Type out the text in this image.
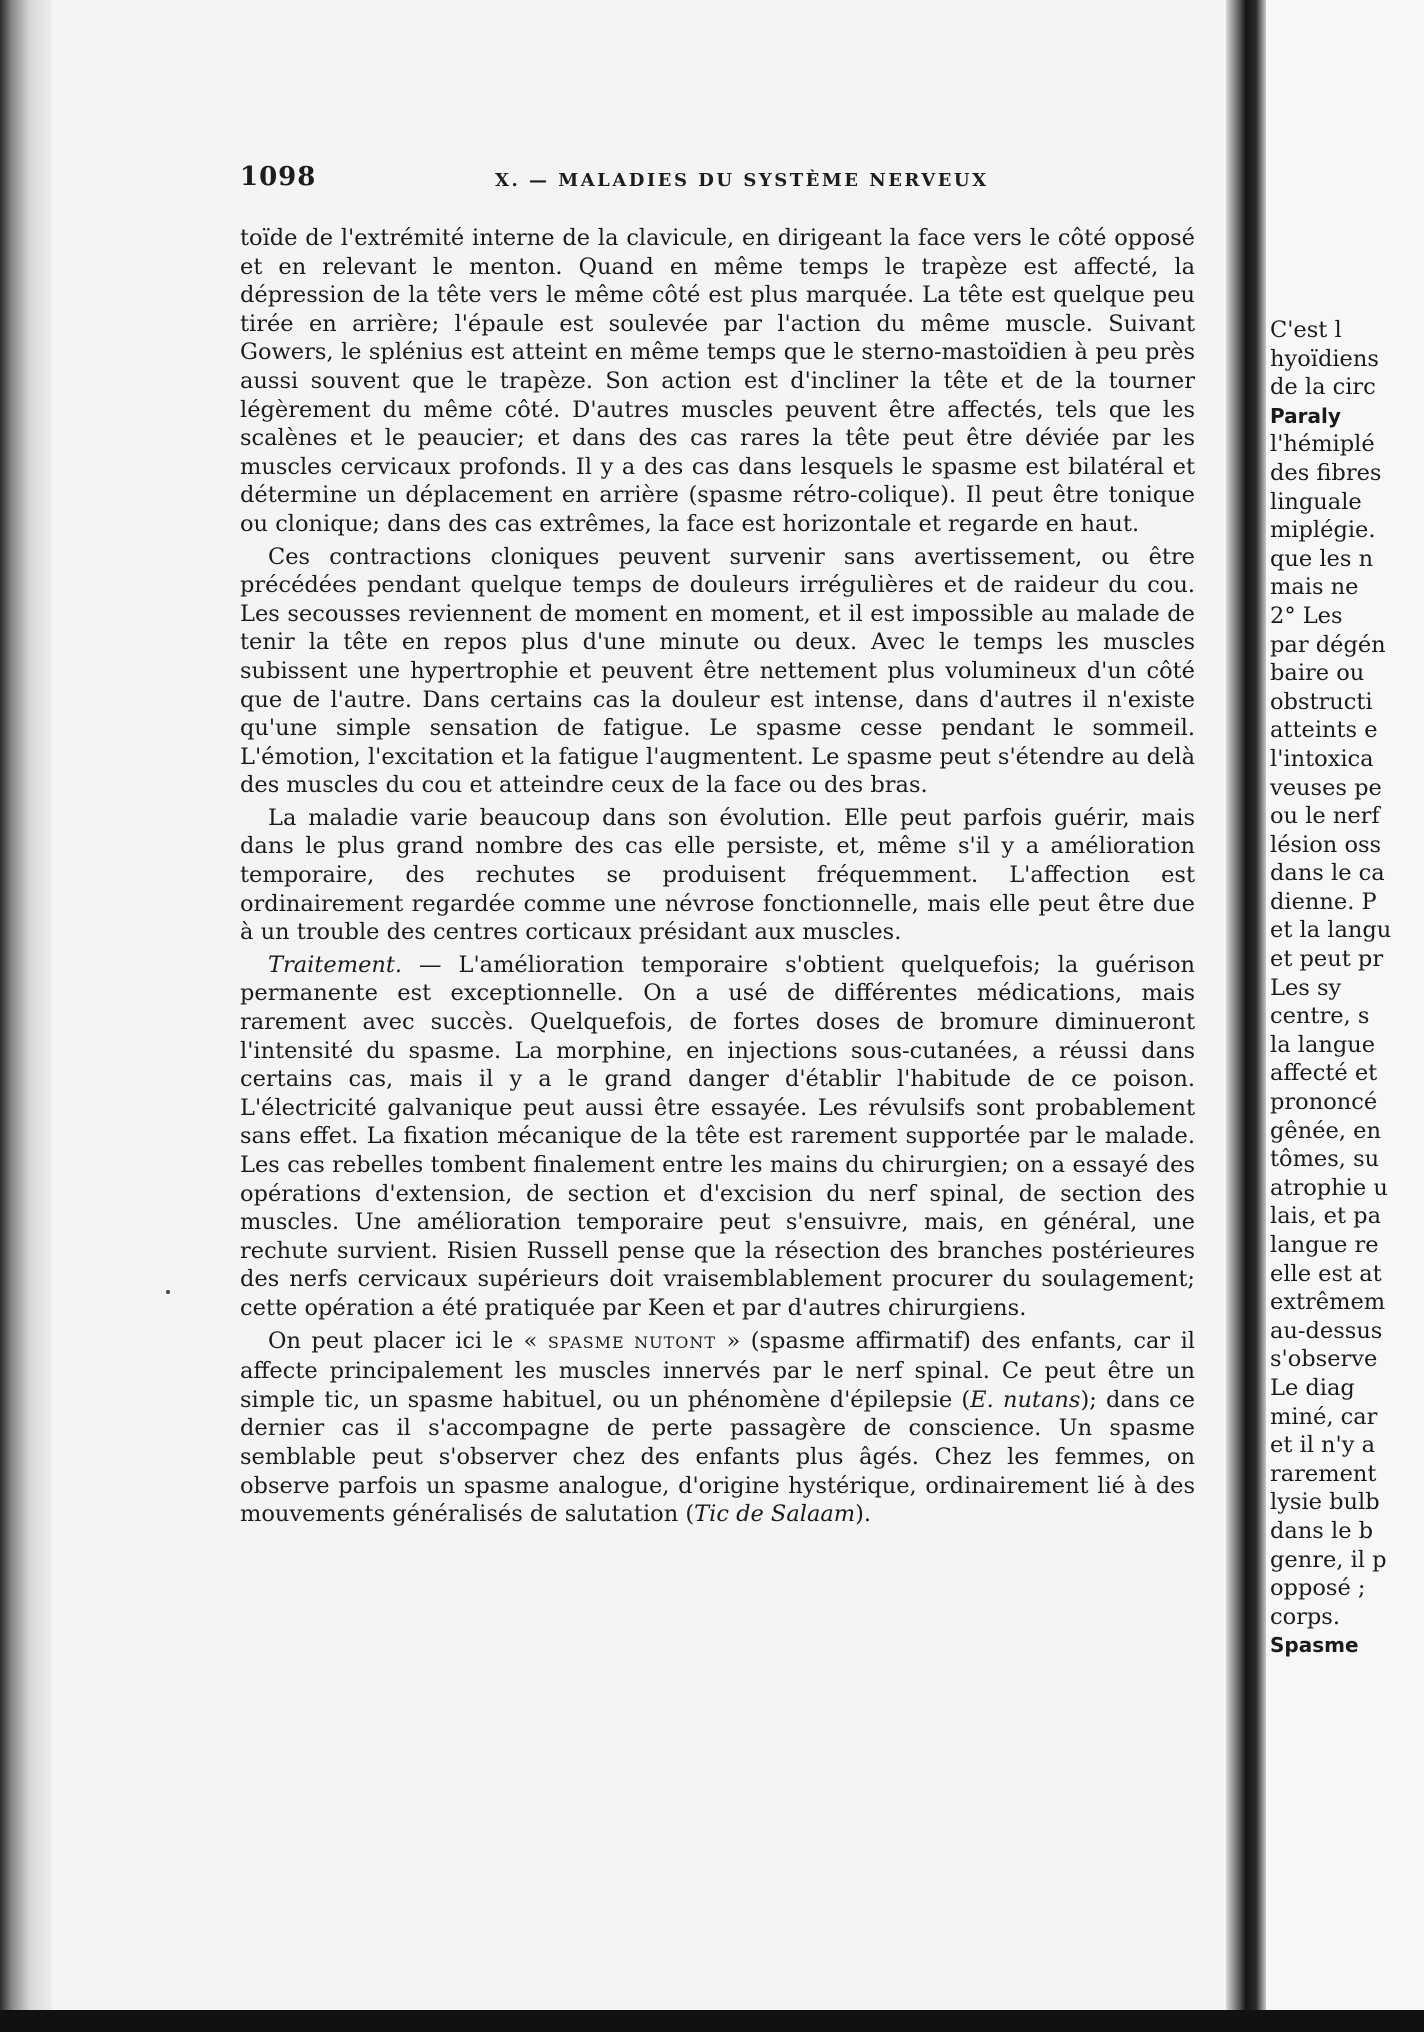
1098	X. — MALADIES DU SYSTÈME NERVEUX

toïde de l'extrémité interne de la clavicule, en dirigeant la face vers le côté opposé et en relevant le menton. Quand en même temps le trapèze est affecté, la dépression de la tête vers le même côté est plus marquée. La tête est quelque peu tirée en arrière; l'épaule est soulevée par l'action du même muscle. Suivant Gowers, le splénius est atteint en même temps que le sterno-mastoïdien à peu près aussi souvent que le trapèze. Son action est d'incliner la tête et de la tourner légèrement du même côté. D'autres muscles peuvent être affectés, tels que les scalènes et le peaucier; et dans des cas rares la tête peut être déviée par les muscles cervicaux profonds. Il y a des cas dans lesquels le spasme est bilatéral et détermine un déplacement en arrière (spasme rétro-colique). Il peut être tonique ou clonique; dans des cas extrêmes, la face est horizontale et regarde en haut.

Ces contractions cloniques peuvent survenir sans avertissement, ou être précédées pendant quelque temps de douleurs irrégulières et de raideur du cou. Les secousses reviennent de moment en moment, et il est impossible au malade de tenir la tête en repos plus d'une minute ou deux. Avec le temps les muscles subissent une hypertrophie et peuvent être nettement plus volumineux d'un côté que de l'autre. Dans certains cas la douleur est intense, dans d'autres il n'existe qu'une simple sensation de fatigue. Le spasme cesse pendant le sommeil. L'émotion, l'excitation et la fatigue l'augmentent. Le spasme peut s'étendre au delà des muscles du cou et atteindre ceux de la face ou des bras.

La maladie varie beaucoup dans son évolution. Elle peut parfois guérir, mais dans le plus grand nombre des cas elle persiste, et, même s'il y a amélioration temporaire, des rechutes se produisent fréquemment. L'affection est ordinairement regardée comme une névrose fonctionnelle, mais elle peut être due à un trouble des centres corticaux présidant aux muscles.

Traitement. — L'amélioration temporaire s'obtient quelquefois; la guérison permanente est exceptionnelle. On a usé de différentes médications, mais rarement avec succès. Quelquefois, de fortes doses de bromure diminueront l'intensité du spasme. La morphine, en injections sous-cutanées, a réussi dans certains cas, mais il y a le grand danger d'établir l'habitude de ce poison. L'électricité galvanique peut aussi être essayée. Les révulsifs sont probablement sans effet. La fixation mécanique de la tête est rarement supportée par le malade. Les cas rebelles tombent finalement entre les mains du chirurgien; on a essayé des opérations d'extension, de section et d'excision du nerf spinal, de section des muscles. Une amélioration temporaire peut s'ensuivre, mais, en général, une rechute survient. Risien Russell pense que la résection des branches postérieures des nerfs cervicaux supérieurs doit vraisemblablement procurer du soulagement; cette opération a été pratiquée par Keen et par d'autres chirurgiens.

On peut placer ici le « SPASME NUTONT » (spasme affirmatif) des enfants, car il affecte principalement les muscles innervés par le nerf spinal. Ce peut être un simple tic, un spasme habituel, ou un phénomène d'épilepsie (E. nutans); dans ce dernier cas il s'accompagne de perte passagère de conscience. Un spasme semblable peut s'observer chez des enfants plus âgés. Chez les femmes, on observe parfois un spasme analogue, d'origine hystérique, ordinairement lié à des mouvements généralisés de salutation (Tic de Salaam).

C'est l
hyoïdiens
de la circ
Paraly
l'hémiplé
des fibres
linguale
miplégie.
que les n
mais ne
2° Les
par dégén
baire ou
obstructi
atteints e
l'intoxica
veuses pe
ou le nerf
lésion oss
dans le ca
dienne. P
et la langu
et peut pr
Les sy
centre, s
la langue
affecté et
prononcé
gênée, en
tômes, su
atrophie u
lais, et pa
langue re
elle est at
extrêmem
au-dessus
s'observe
Le diag
miné, car
et il n'y a
rarement
lysie bulb
dans le b
genre, il p
opposé ;
corps.
Spasme
